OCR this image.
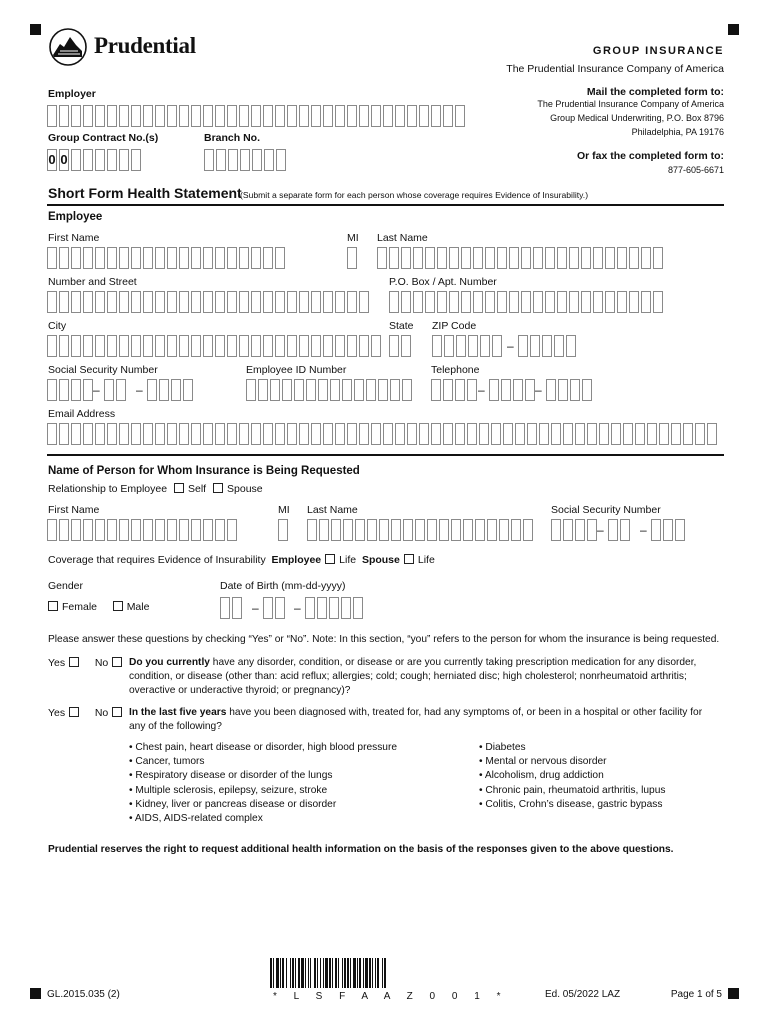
Prudential	GROUP INSURANCE
The Prudential Insurance Company of America
Mail the completed form to:
The Prudential Insurance Company of America
Group Medical Underwriting, P.O. Box 8796
Philadelphia, PA 19176
Or fax the completed form to:
877-605-6671
Employer
Group Contract No.(s)
0 0
Branch No.
Short Form Health Statement
(Submit a separate form for each person whose coverage requires Evidence of Insurability.)
Employee
First Name	MI Last Name
Number and Street	P.O. Box / Apt. Number
City	State ZIP Code
–
Social Security Number
–	–
Employee ID Number	Telephone
–	–
Email Address
Name of Person for Whom Insurance is Being Requested
Relationship to Employee Self Spouse
First Name	MI Last Name	Social Security Number
–	–
Coverage that requires Evidence of Insurability Employee Life Spouse Life
Gender
Female	Male
Date of Birth (mm-dd-yyyy)
–	–
Please answer these questions by checking “Yes” or “No”. Note: In this section, “you” refers to the person for whom the insurance is being requested.
Yes	No	Do you currently have any disorder, condition, or disease or are you currently taking prescription medication for any disorder, condition, or disease (other than: acid reflux; allergies; cold; cough; herniated disc; high cholesterol; nonrheumatoid arthritis; overactive or underactive thyroid; or pregnancy)?
Yes	No	In the last five years have you been diagnosed with, treated for, had any symptoms of, or been in a hospital or other facility for any of the following?
• Chest pain, heart disease or disorder, high blood pressure
• Cancer, tumors
• Respiratory disease or disorder of the lungs
• Multiple sclerosis, epilepsy, seizure, stroke
• Kidney, liver or pancreas disease or disorder
• AIDS, AIDS-related complex
• Diabetes
• Mental or nervous disorder
• Alcoholism, drug addiction
• Chronic pain, rheumatoid arthritis, lupus
• Colitis, Crohn’s disease, gastric bypass
Prudential reserves the right to request additional health information on the basis of the responses given to the above questions.
* L S F A A Z 0 0 1 *
GL.2015.035 (2)	Ed. 05/2022 LAZ	Page 1 of 5
